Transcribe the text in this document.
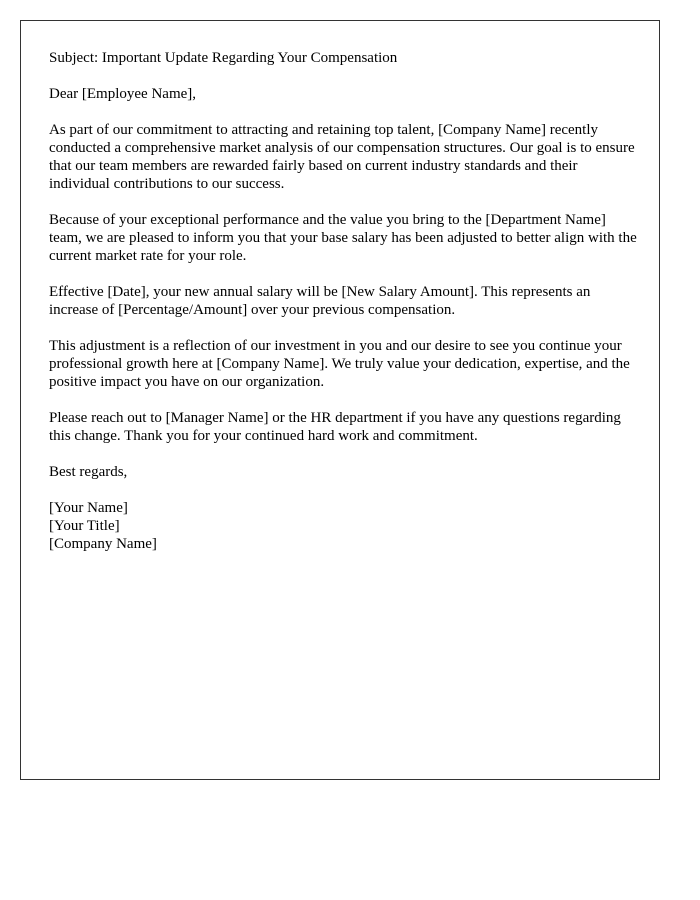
Subject: Important Update Regarding Your Compensation

Dear [Employee Name],

As part of our commitment to attracting and retaining top talent, [Company Name] recently conducted a comprehensive market analysis of our compensation structures. Our goal is to ensure that our team members are rewarded fairly based on current industry standards and their individual contributions to our success.

Because of your exceptional performance and the value you bring to the [Department Name] team, we are pleased to inform you that your base salary has been adjusted to better align with the current market rate for your role.

Effective [Date], your new annual salary will be [New Salary Amount]. This represents an increase of [Percentage/Amount] over your previous compensation.

This adjustment is a reflection of our investment in you and our desire to see you continue your professional growth here at [Company Name]. We truly value your dedication, expertise, and the positive impact you have on our organization.

Please reach out to [Manager Name] or the HR department if you have any questions regarding this change. Thank you for your continued hard work and commitment.

Best regards,

[Your Name]
[Your Title]
[Company Name]
